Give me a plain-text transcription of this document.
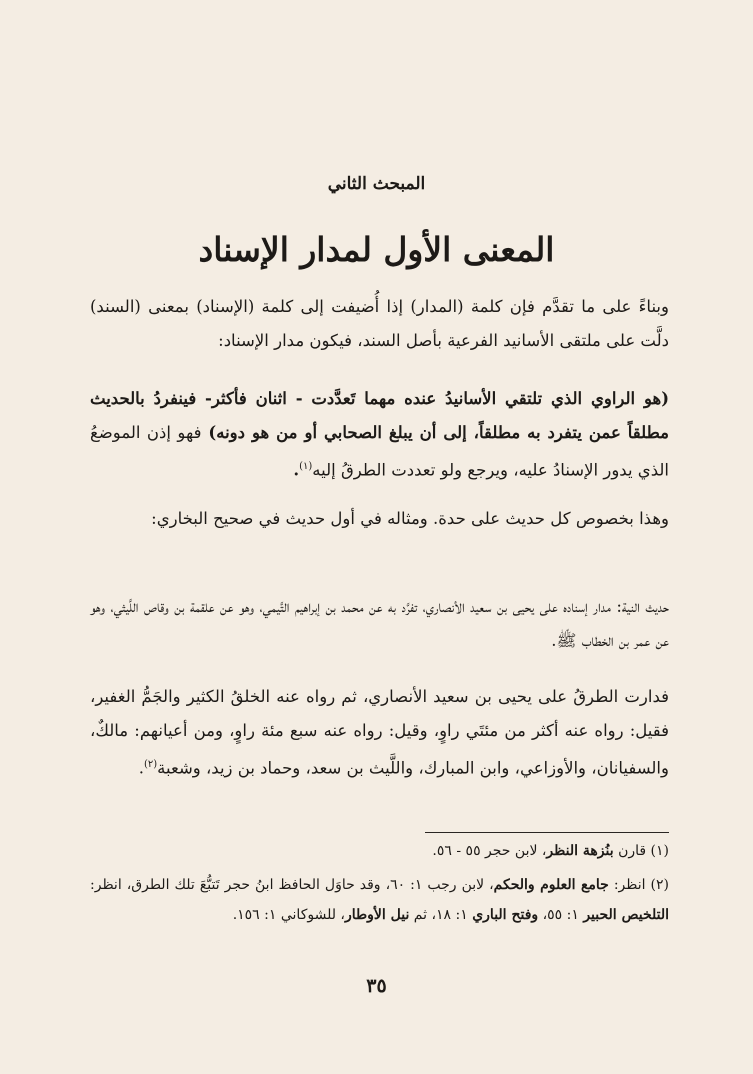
المبحث الثاني
المعنى الأول لمدار الإسناد
وبناءً على ما تقدَّم فإن كلمة (المدار) إذا أُضيفت إلى كلمة (الإسناد) بمعنى (السند) دلَّت على ملتقى الأسانيد الفرعية بأصل السند، فيكون مدار الإسناد:
(هو الراوي الذي تلتقي الأسانيدُ عنده مهما تَعدَّدت - اثنان فأكثر- فينفردُ بالحديث مطلقاً عمن يتفرد به مطلقاً، إلى أن يبلغ الصحابي أو من هو دونه) فهو إذن الموضعُ الذي يدور الإسنادُ عليه، ويرجع ولو تعددت الطرقُ إليه$^{(١)}$.
وهذا بخصوص كل حديث على حدة. ومثاله في أول حديث في صحيح البخاري:
حديث النية: مدار إسناده على يحيى بن سعيد الأنصاري، تفرَّد به عن محمد بن إبراهيم التَّيمي، وهو عن علقمة بن وقاص اللَّيثي، وهو عن عمر بن الخطاب ﷺ.
فدارت الطرقُ على يحيى بن سعيد الأنصاري، ثم رواه عنه الخلقُ الكثير والجَمُّ الغفير، فقيل: رواه عنه أكثر من مئتَي راوٍ، وقيل: رواه عنه سبع مئة راوٍ، ومن أعيانهم: مالكٌ، والسفيانان، والأوزاعي، وابن المبارك، واللَّيث بن سعد، وحماد بن زيد، وشعبة$^{(٢)}$.
(١) قارن بنُزهة النظر، لابن حجر ٥٥ - ٥٦.
(٢) انظر: جامع العلوم والحكم، لابن رجب ١: ٦٠، وقد حاوَل الحافظ ابنُ حجر تَتبُّعَ تلك الطرق، انظر: التلخيص الحبير ١: ٥٥، وفتح الباري ١: ١٨، ثم نيل الأوطار، للشوكاني ١: ١٥٦.
٣٥
